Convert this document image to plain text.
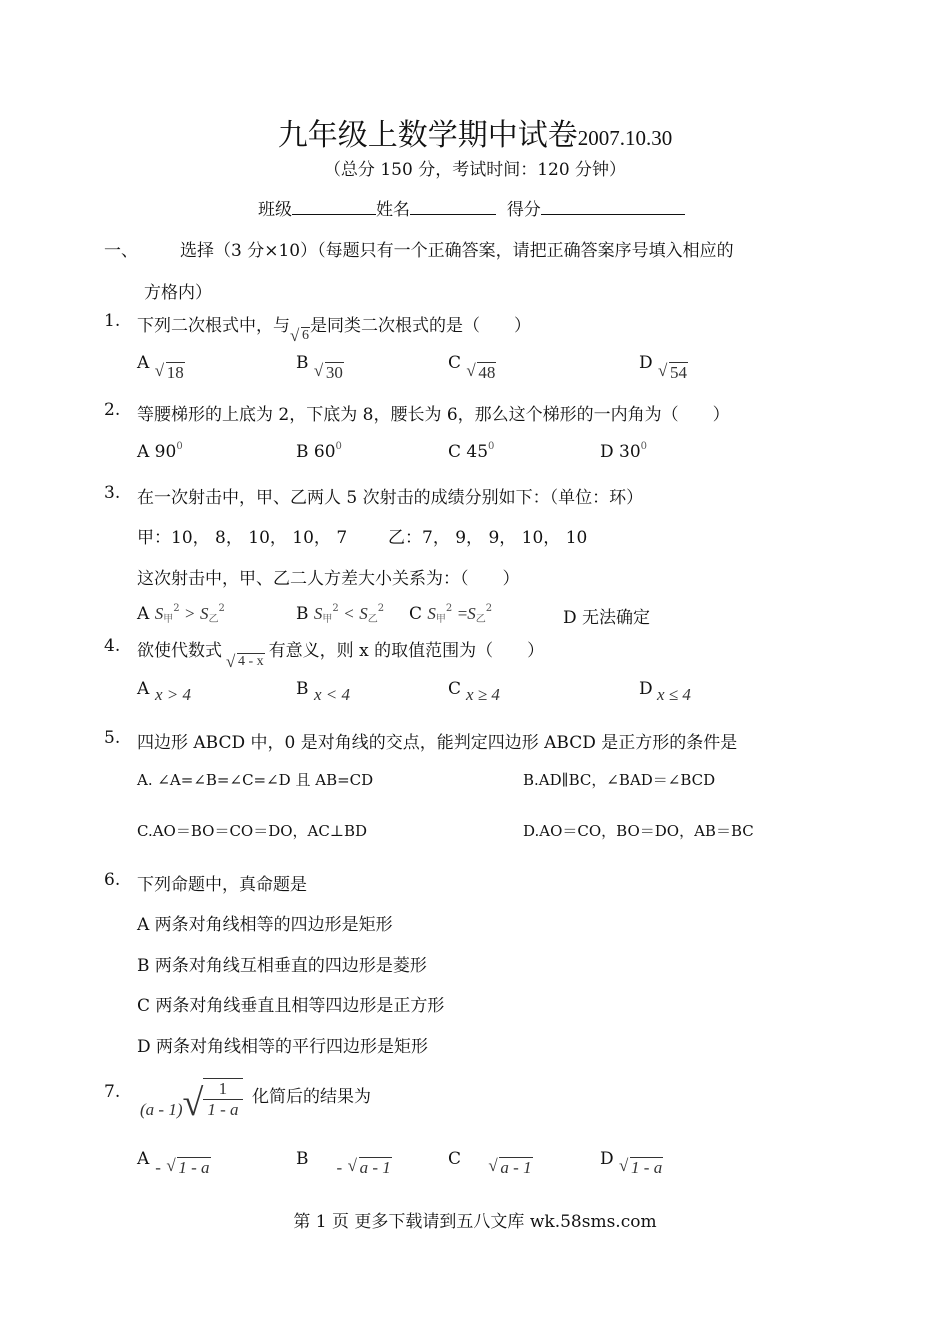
九年级上数学期中试卷2007.10.30
（总分 150 分，考试时间：120 分钟）
班级	姓名	得分
一、 选择（3 分×10）（每题只有一个正确答案，请把正确答案序号填入相应的
方格内）
1. 下列二次根式中，与 √ 6是同类二次根式的是（　　）
A √ 18	B √ 30	C √ 48	D √ 54
2. 等腰梯形的上底为 2，下底为 8，腰长为 6，那么这个梯形的一内角为（　　）
A $90^0$	B $60^0$	C $45^0$	D $30^0$
3. 在一次射击中，甲、乙两人 5 次射击的成绩分别如下：（单位：环）
甲：10， 8， 10， 10， 7 乙：7， 9， 9， 10， 10
这次射击中，甲、乙二人方差大小关系为：（　　）
A $S_甲^2 > S_乙^2$	B $S_甲^2 < S_乙^2$ C $S_甲^2 =S_乙^2$	D 无法确定
4. 欲使代数式√ 4 - x有意义，则 x 的取值范围为（　　）
A x > 4	B x < 4	C x ≥ 4	D x ≤ 4
5. 四边形 ABCD 中，0 是对角线的交点，能判定四边形 ABCD 是正方形的条件是
A. ∠A=∠B=∠C=∠D 且 AB=CD	B.AD∥BC，∠BAD＝∠BCD
C.AO＝BO＝CO＝DO，AC⊥BD	D.AO＝CO，BO＝DO，AB＝BC
6. 下列命题中，真命题是
A 两条对角线相等的四边形是矩形
B 两条对角线互相垂直的四边形是菱形
C 两条对角线垂直且相等四边形是正方形
D 两条对角线相等的平行四边形是矩形
7.
$(a - 1)√ \frac{1}{1 - a}$ 化简后的结果为
A - √ 1 - a	B - √ a - 1	C √ a - 1	D √ 1 - a
第 1 页 更多下载请到五八文库 wk.58sms.com
